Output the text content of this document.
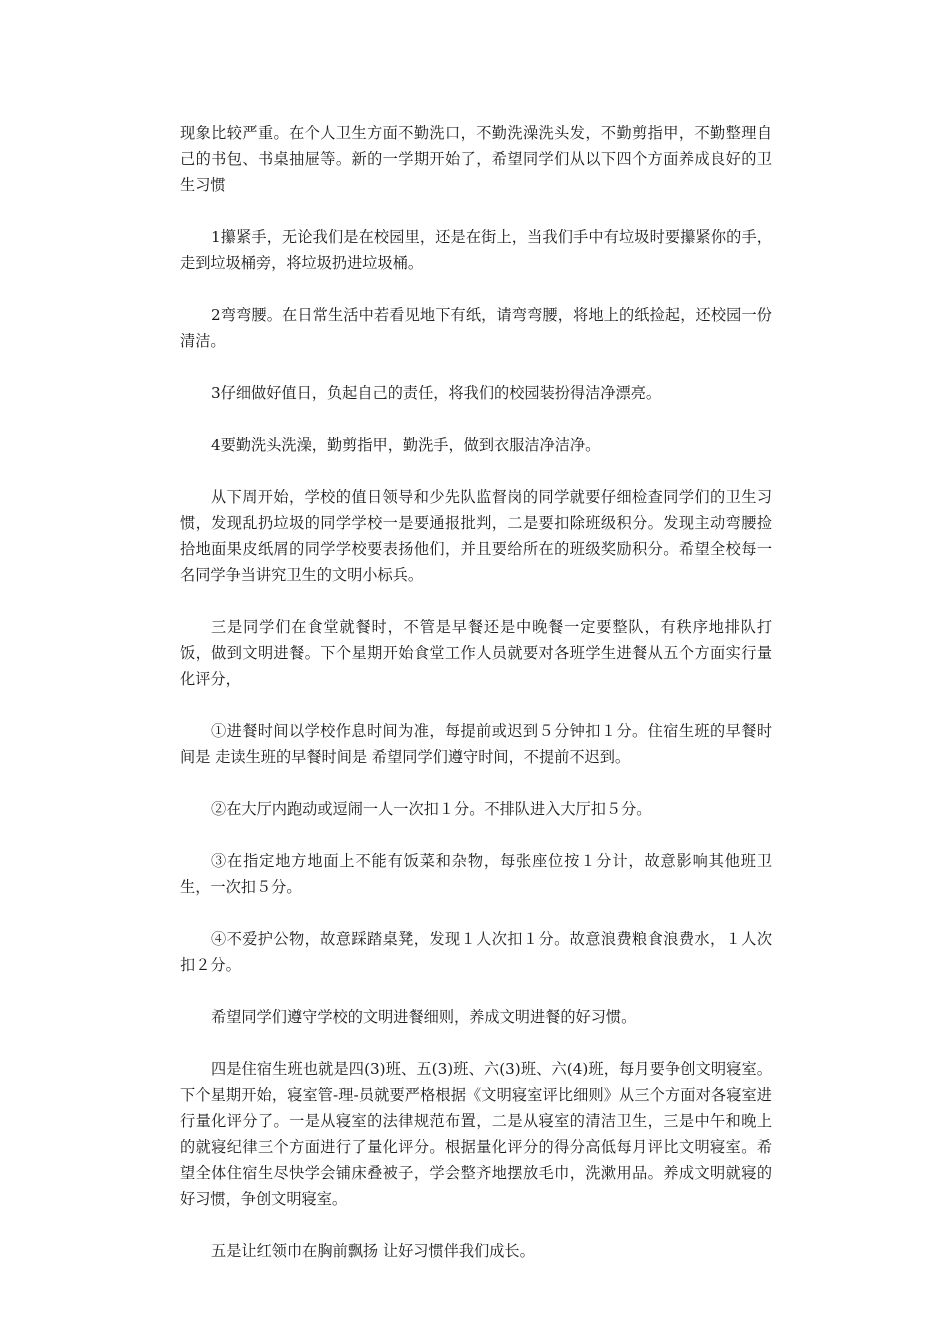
现象比较严重。在个人卫生方面不勤洗口，不勤洗澡洗头发，不勤剪指甲，不勤整理自己的书包、书桌抽屉等。新的一学期开始了，希望同学们从以下四个方面养成良好的卫生习惯

1攥紧手，无论我们是在校园里，还是在街上，当我们手中有垃圾时要攥紧你的手，走到垃圾桶旁，将垃圾扔进垃圾桶。

2弯弯腰。在日常生活中若看见地下有纸，请弯弯腰，将地上的纸捡起，还校园一份清洁。

3仔细做好值日，负起自己的责任，将我们的校园装扮得洁净漂亮。

4要勤洗头洗澡，勤剪指甲，勤洗手，做到衣服洁净洁净。

从下周开始，学校的值日领导和少先队监督岗的同学就要仔细检查同学们的卫生习惯，发现乱扔垃圾的同学学校一是要通报批判，二是要扣除班级积分。发现主动弯腰捡拾地面果皮纸屑的同学学校要表扬他们，并且要给所在的班级奖励积分。希望全校每一名同学争当讲究卫生的文明小标兵。

三是同学们在食堂就餐时，不管是早餐还是中晚餐一定要整队，有秩序地排队打饭，做到文明进餐。下个星期开始食堂工作人员就要对各班学生进餐从五个方面实行量化评分，

①进餐时间以学校作息时间为准，每提前或迟到５分钟扣１分。住宿生班的早餐时间是 走读生班的早餐时间是 希望同学们遵守时间，不提前不迟到。

②在大厅内跑动或逗闹一人一次扣１分。不排队进入大厅扣５分。

③在指定地方地面上不能有饭菜和杂物，每张座位按１分计，故意影响其他班卫生，一次扣５分。

④不爱护公物，故意踩踏桌凳，发现１人次扣１分。故意浪费粮食浪费水，１人次扣２分。

希望同学们遵守学校的文明进餐细则，养成文明进餐的好习惯。

四是住宿生班也就是四(3)班、五(3)班、六(3)班、六(4)班，每月要争创文明寝室。下个星期开始，寝室管-理-员就要严格根据《文明寝室评比细则》从三个方面对各寝室进行量化评分了。一是从寝室的法律规范布置，二是从寝室的清洁卫生，三是中午和晚上的就寝纪律三个方面进行了量化评分。根据量化评分的得分高低每月评比文明寝室。希望全体住宿生尽快学会铺床叠被子，学会整齐地摆放毛巾，洗漱用品。养成文明就寝的好习惯，争创文明寝室。

五是让红领巾在胸前飘扬 让好习惯伴我们成长。
